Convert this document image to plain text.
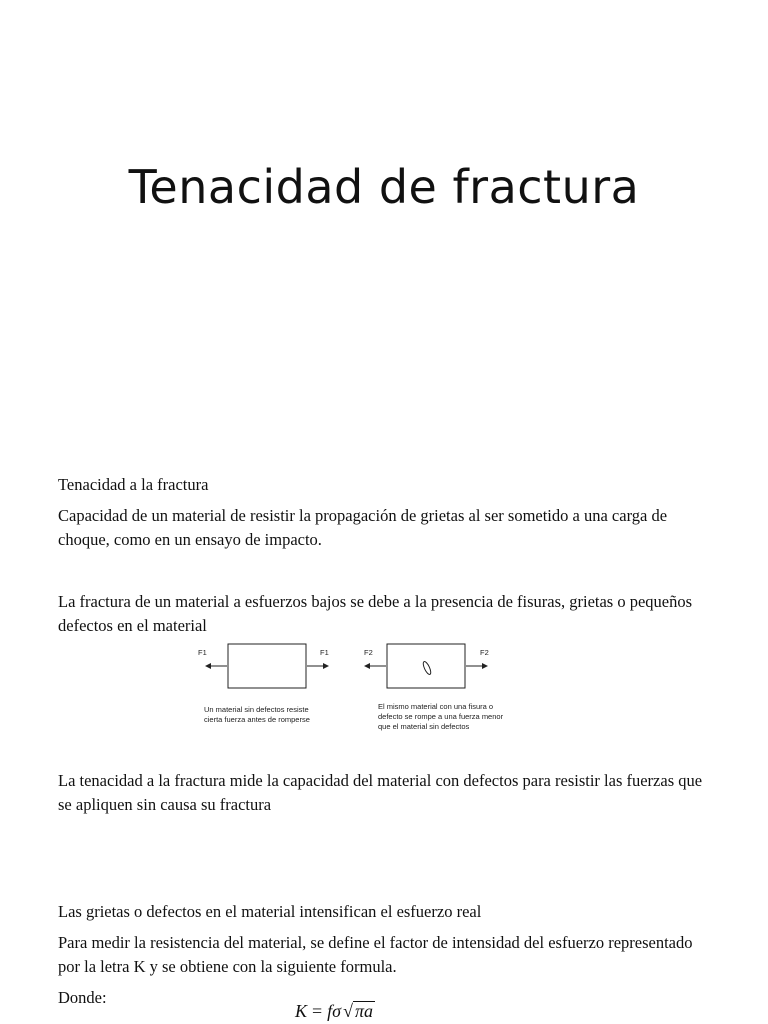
Tenacidad de fractura

Tenacidad a la fractura

Capacidad de un material de resistir la propagación de grietas al ser sometido a una carga de choque, como en un ensayo de impacto.

La fractura de un material a esfuerzos bajos se debe a la presencia de fisuras, grietas o pequeños defectos en el material

F1	F1	F2	F2

Un material sin defectos resiste cierta fuerza antes de romperse

El mismo material con una fisura o defecto se rompe a una fuerza menor que el material sin defectos

La tenacidad a la fractura mide la capacidad del material con defectos para resistir las fuerzas que se apliquen sin causa su fractura

Las grietas o defectos en el material intensifican el esfuerzo real

Para medir la resistencia del material, se define el factor de intensidad del esfuerzo representado por la letra K y se obtiene con la siguiente formula.

Donde:

K = fσ √ πa
